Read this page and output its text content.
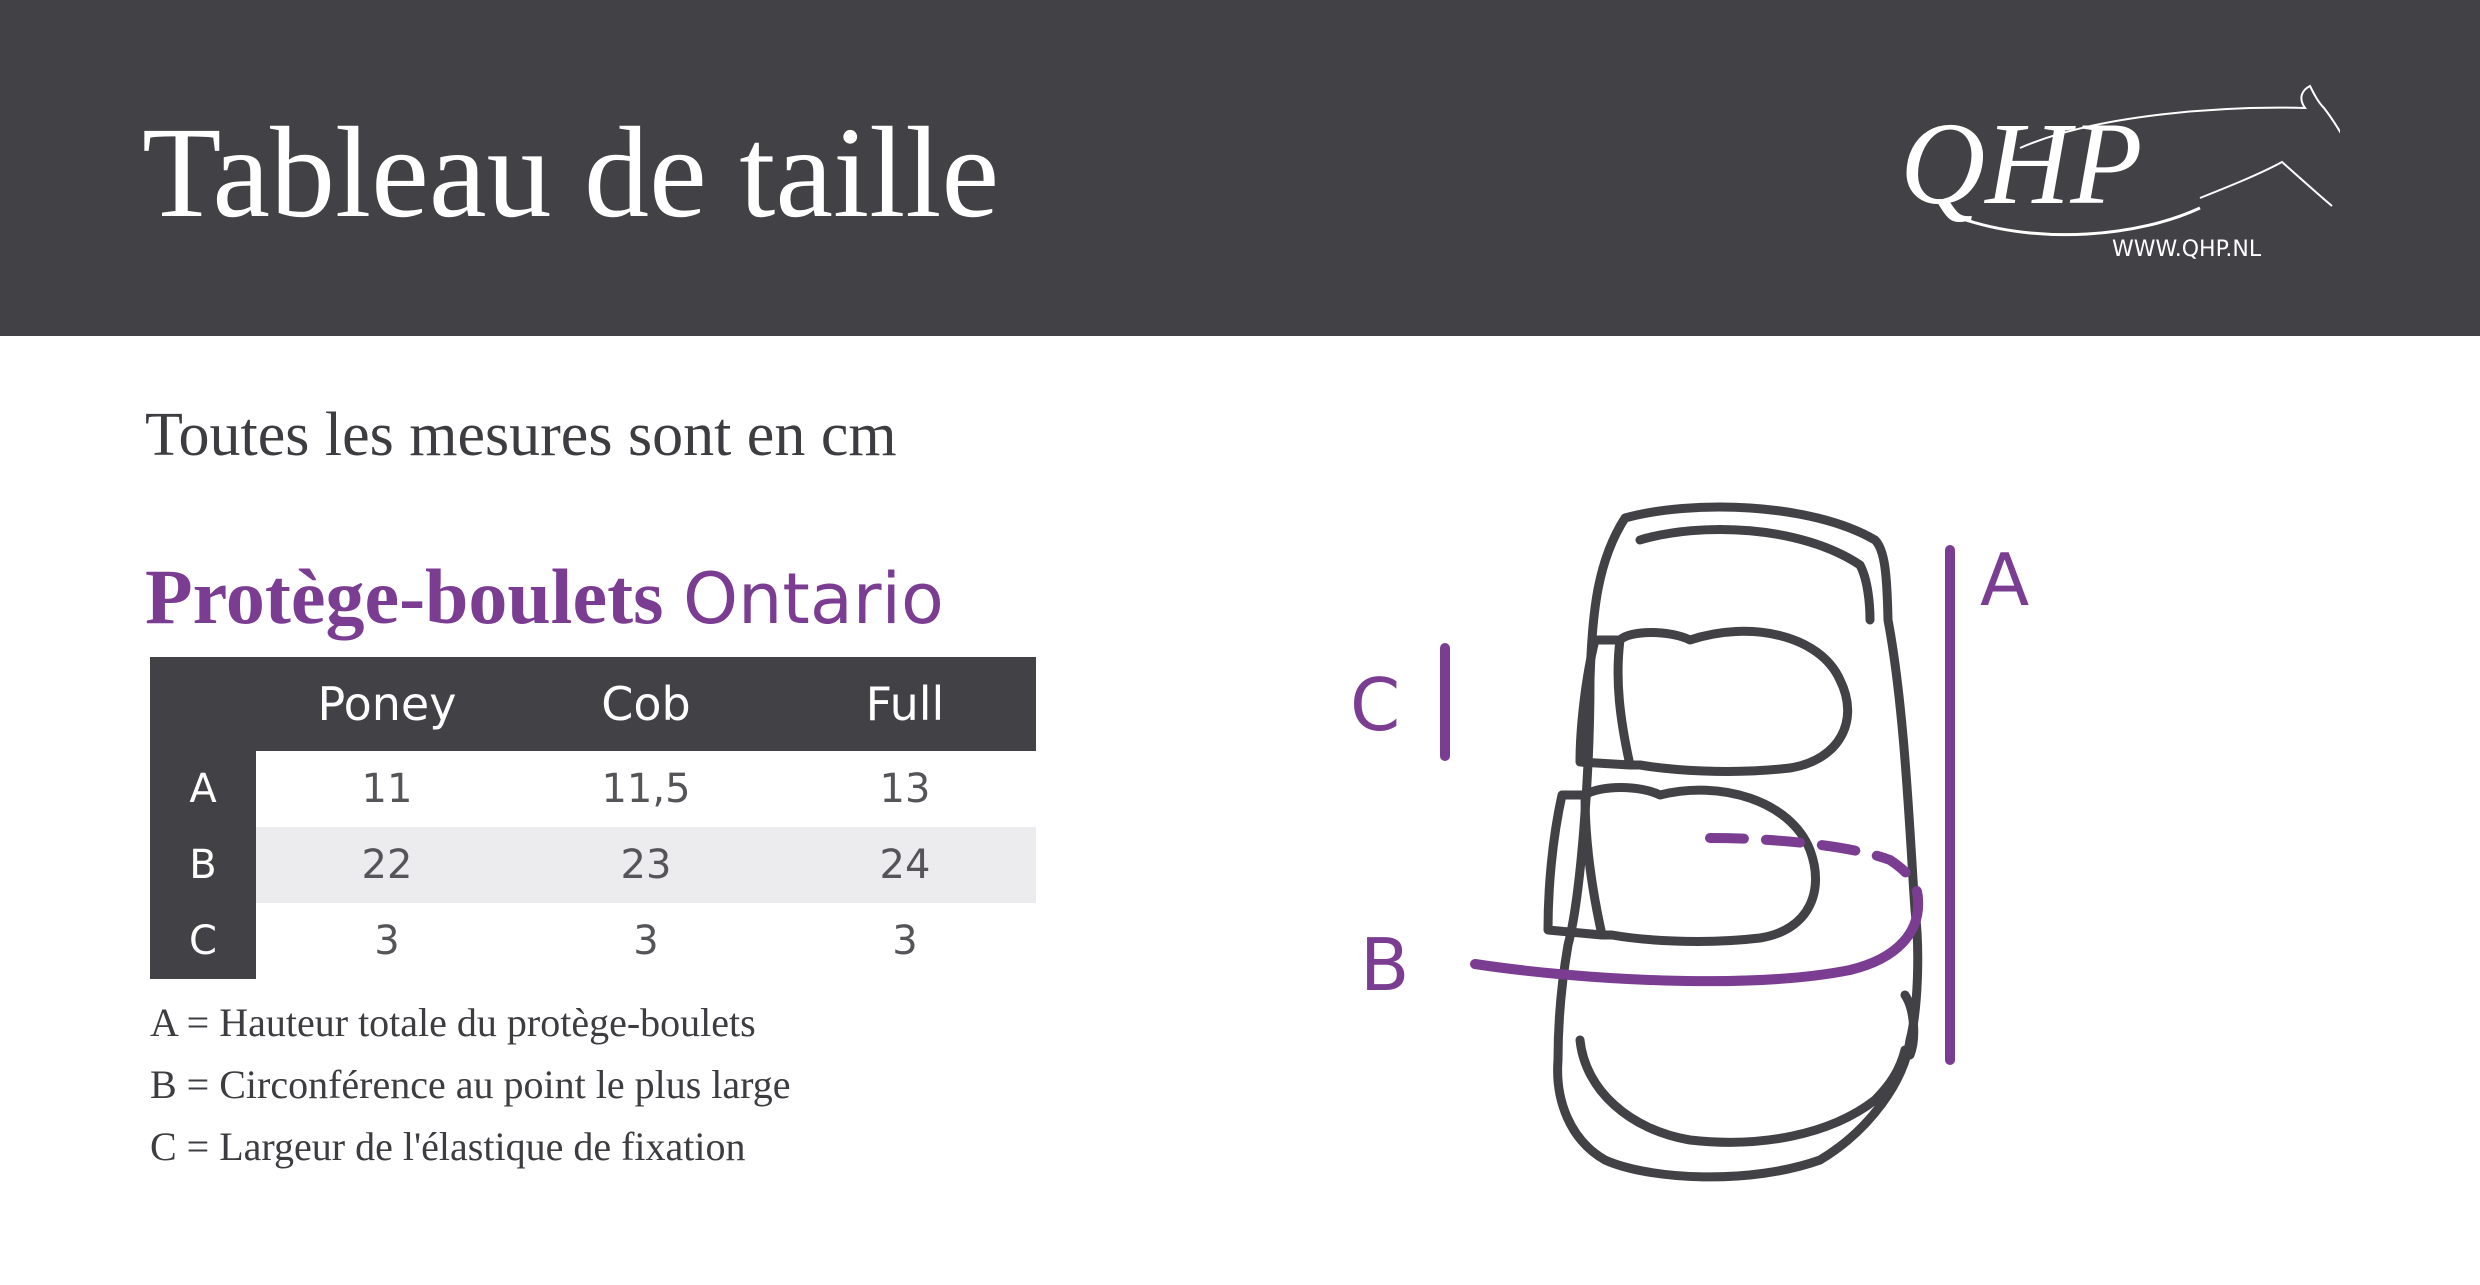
Tableau de taille	QHP
WWW.QHP.NL
Toutes les mesures sont en cm
Protège-boulets Ontario
	Poney	Cob	Full
A	11	11,5	13
B	22	23	24
C	3	3	3
A = Hauteur totale du protège-boulets
B = Circonférence au point le plus large
C = Largeur de l'élastique de fixation
A
C
B
